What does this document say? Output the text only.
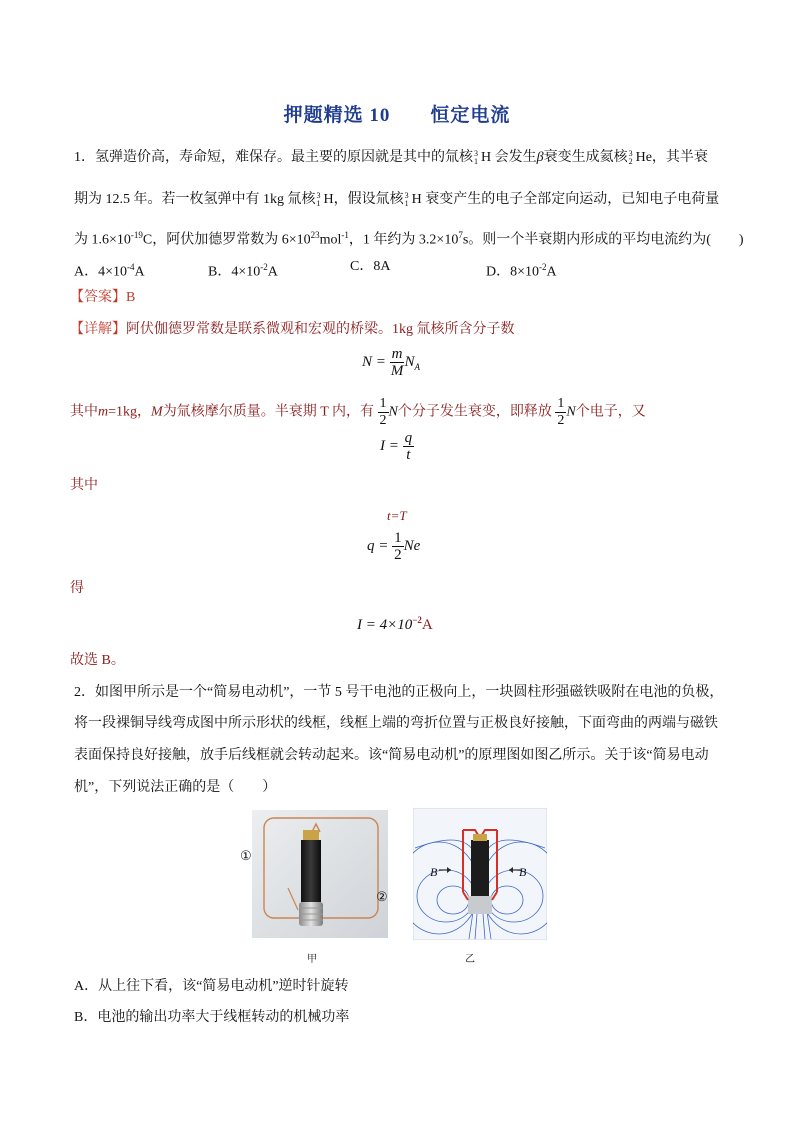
押题精选 10 恒定电流
1．氢弹造价高，寿命短，难保存。最主要的原因就是其中的氚核 3
1 H 会发生β衰变生成氦核 3
2 He，其半衰
期为 12.5 年。若一枚氢弹中有 1kg 氚核 3
1 H，假设氚核 3
1 H 衰变产生的电子全部定向运动，已知电子电荷量
为 $1.6\times 10^{-19}C$，阿伏加德罗常数为 $6\times 10^{23}mol^{-1}$，1 年约为 $3.2\times 10^7s$。则一个半衰期内形成的平均电流约为(　　)
A．$4\times 10^{-4}A$	B．$4\times 10^{-2}A$	C．8A	D．$8\times 10^{-2}A$
【答案】B
【详解】阿伏伽德罗常数是联系微观和宏观的桥梁。1kg 氚核所含分子数
$N = \frac{m}{M} N_A$
其中m=1kg，M为氚核摩尔质量。半衰期 T 内，有 $\frac{1}{2}$ N个分子发生衰变，即释放 $\frac{1}{2}$ N个电子，又
$I = \frac{q}{t}$
其中
t=T
$q = \frac{1}{2}$ Ne
得
$I = 4\times 10^{-2}A$
故选 B。
2．如图甲所示是一个“简易电动机”，一节 5 号干电池的正极向上，一块圆柱形强磁铁吸附在电池的负极，
将一段裸铜导线弯成图中所示形状的线框，线框上端的弯折位置与正极良好接触，下面弯曲的两端与磁铁
表面保持良好接触，放手后线框就会转动起来。该“简易电动机”的原理图如图乙所示。关于该“简易电动
机”，下列说法正确的是（　　）
①
②
甲
B	B
乙
A．从上往下看，该“简易电动机”逆时针旋转
B．电池的输出功率大于线框转动的机械功率
